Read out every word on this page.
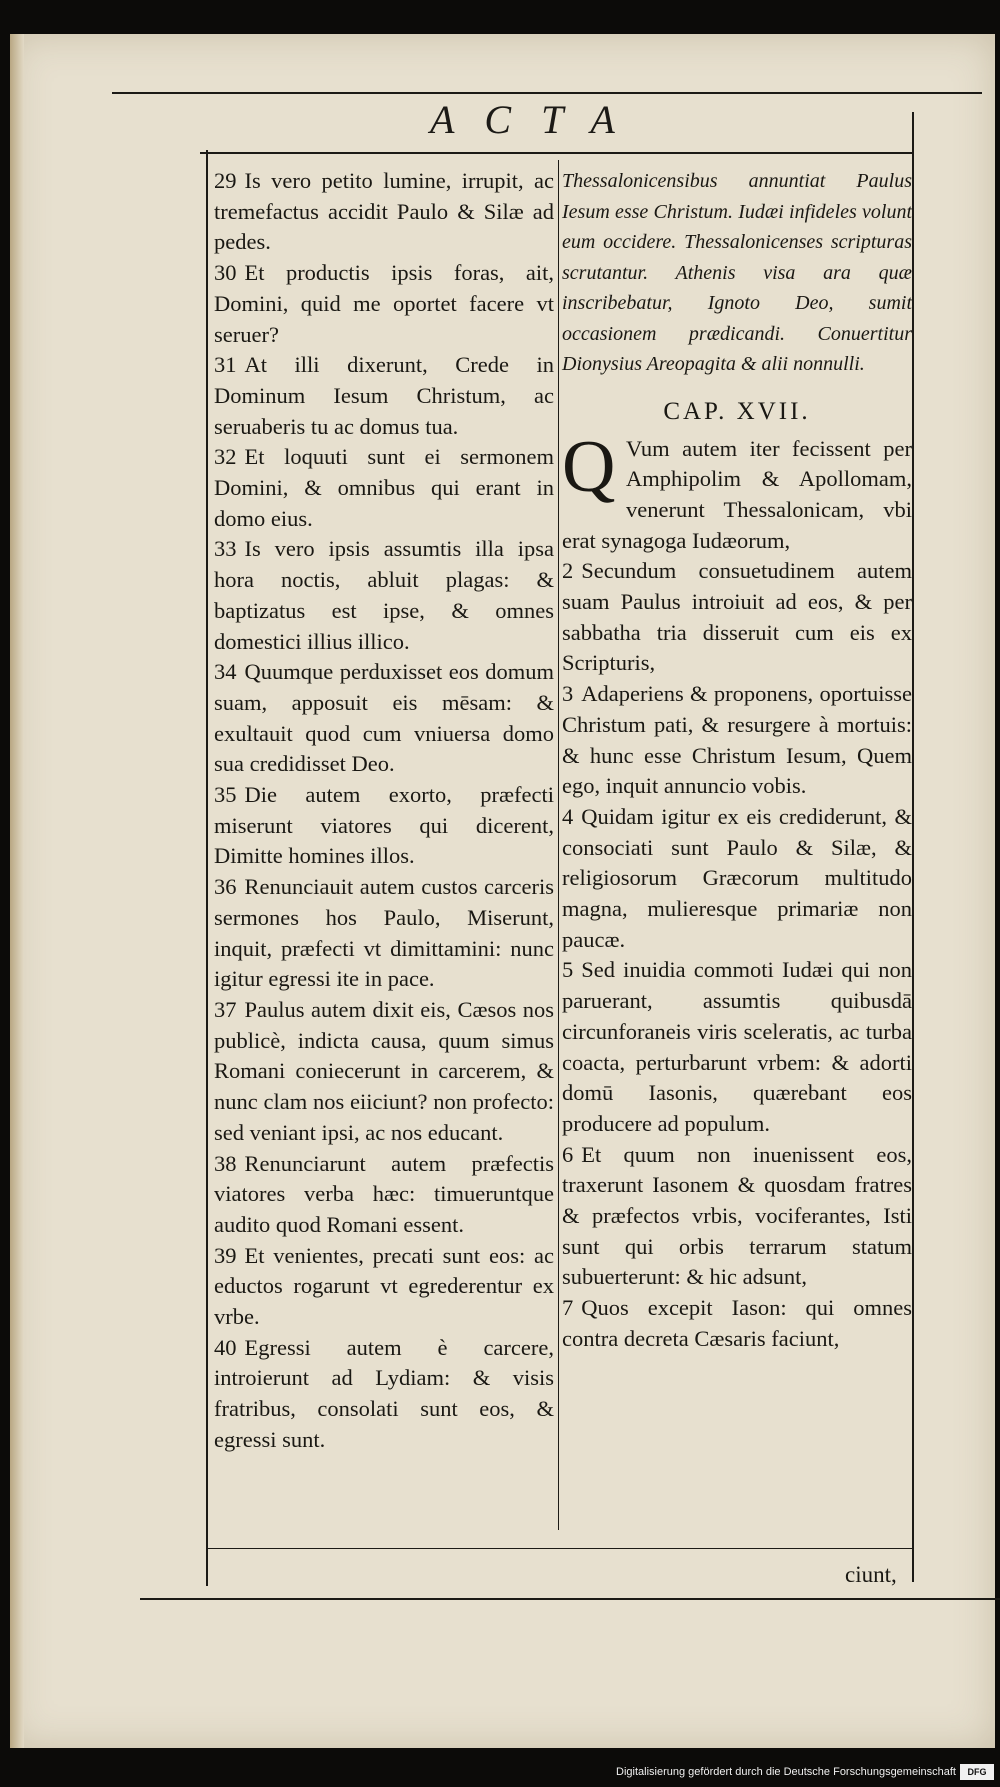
ACTA

29 Is vero petito lumine, irrupit, ac tremefactus accidit Paulo & Silæ ad pedes.

30 Et productis ipsis foras, ait, Domini, quid me oportet facere vt seruer?

31 At illi dixerunt, Crede in Dominum Iesum Christum, ac seruaberis tu ac domus tua.

32 Et loquuti sunt ei sermonem Domini, & omnibus qui erant in domo eius.

33 Is vero ipsis assumtis illa ipsa hora noctis, abluit plagas: & baptizatus est ipse, & omnes domestici illius illico.

34 Quumque perduxisset eos domum suam, apposuit eis mēsam: & exultauit quod cum vniuersa domo sua credidisset Deo.

35 Die autem exorto, præfecti miserunt viatores qui dicerent, Dimitte homines illos.

36 Renunciauit autem custos carceris sermones hos Paulo, Miserunt, inquit, præfecti vt dimittamini: nunc igitur egressi ite in pace.

37 Paulus autem dixit eis, Cæsos nos publicè, indicta causa, quum simus Romani coniecerunt in carcerem, & nunc clam nos eiiciunt? non profecto: sed veniant ipsi, ac nos educant.

38 Renunciarunt autem præfectis viatores verba hæc: timueruntque audito quod Romani essent.

39 Et venientes, precati sunt eos: ac eductos rogarunt vt egrederentur ex vrbe.

40 Egressi autem è carcere, introierunt ad Lydiam: & visis fratribus, consolati sunt eos, & egressi sunt.

Thessalonicensibus annuntiat Paulus Iesum esse Christum. Iudæi infideles volunt eum occidere. Thessalonicenses scripturas scrutantur. Athenis visa ara quæ inscribebatur, Ignoto Deo, sumit occasionem prædicandi. Conuertitur Dionysius Areopagita & alii nonnulli.

CAP. XVII.

Q Vum autem iter fecissent per Amphipolim & Apollomam, venerunt Thessalonicam, vbi erat synagoga Iudæorum,

2 Secundum consuetudinem autem suam Paulus introiuit ad eos, & per sabbatha tria disseruit cum eis ex Scripturis,

3 Adaperiens & proponens, oportuisse Christum pati, & resurgere à mortuis: & hunc esse Christum Iesum, Quem ego, inquit annuncio vobis.

4 Quidam igitur ex eis crediderunt, & consociati sunt Paulo & Silæ, & religiosorum Græcorum multitudo magna, mulieresque primariæ non paucæ.

5 Sed inuidia commoti Iudæi qui non paruerant, assumtis quibusdā circunforaneis viris sceleratis, ac turba coacta, perturbarunt vrbem: & adorti domū Iasonis, quærebant eos producere ad populum.

6 Et quum non inuenissent eos, traxerunt Iasonem & quosdam fratres & præfectos vrbis, vociferantes, Isti sunt qui orbis terrarum statum subuerterunt: & hic adsunt,

7 Quos excepit Iason: qui omnes contra decreta Cæsaris faciunt,

ciunt,
Digitalisierung gefördert durch die Deutsche Forschungsgemeinschaft	DFG
